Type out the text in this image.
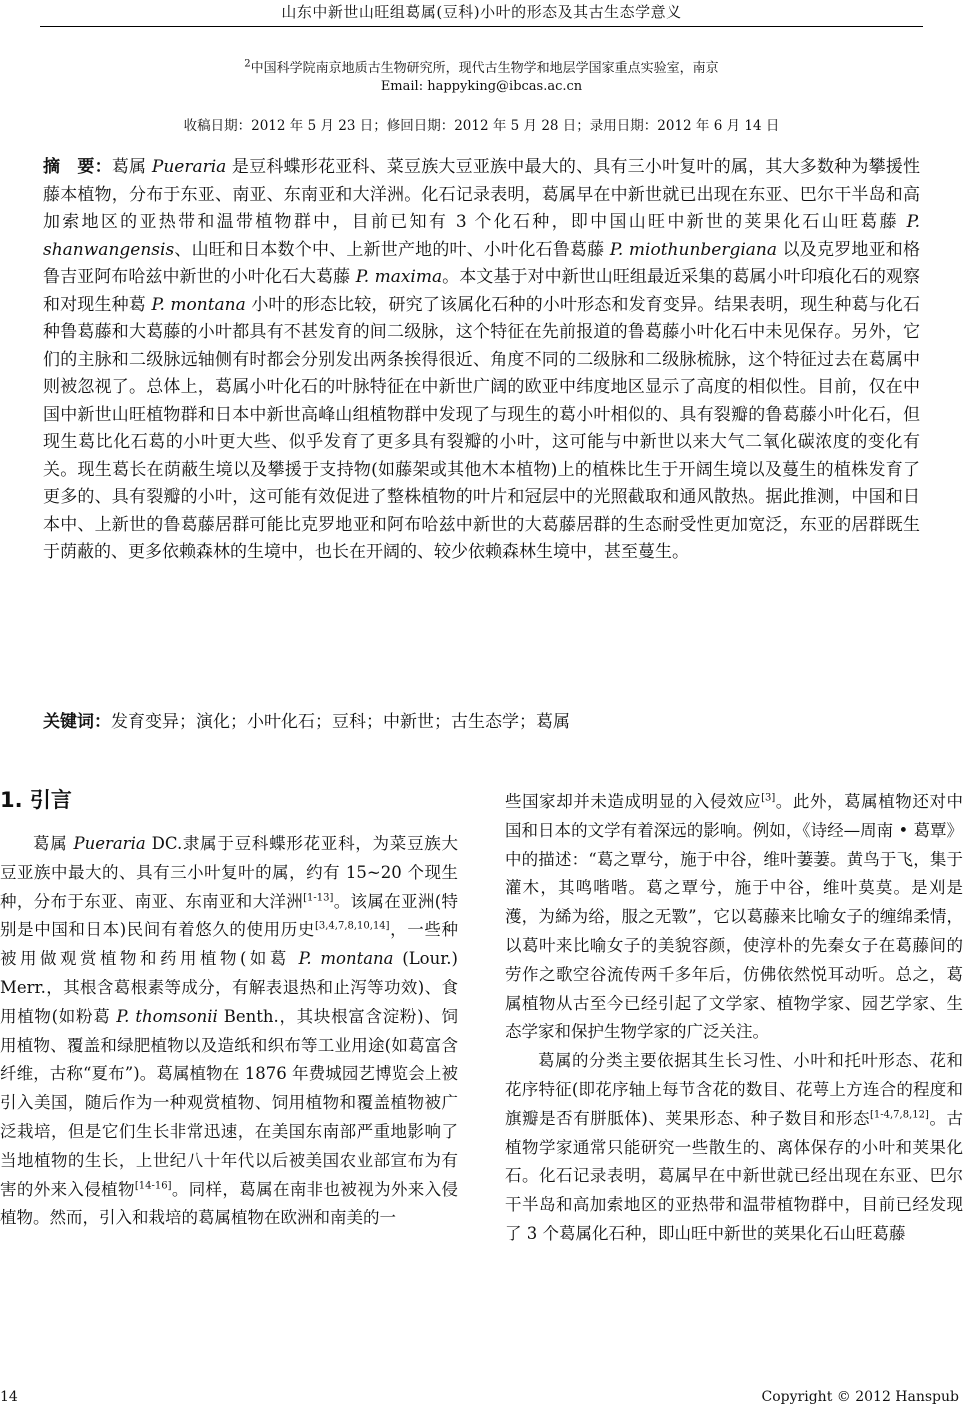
山东中新世山旺组葛属(豆科)小叶的形态及其古生态学意义
$^2$中国科学院南京地质古生物研究所，现代古生物学和地层学国家重点实验室，南京
Email: happyking@ibcas.ac.cn
收稿日期：2012 年 5 月 23 日；修回日期：2012 年 5 月 28 日；录用日期：2012 年 6 月 14 日
摘　要：葛属 Pueraria 是豆科蝶形花亚科、菜豆族大豆亚族中最大的、具有三小叶复叶的属，其大多数种为攀援性藤本植物，分布于东亚、南亚、东南亚和大洋洲。化石记录表明，葛属早在中新世就已出现在东亚、巴尔干半岛和高加索地区的亚热带和温带植物群中，目前已知有 3 个化石种，即中国山旺中新世的荚果化石山旺葛藤 P. shanwangensis、山旺和日本数个中、上新世产地的叶、小叶化石鲁葛藤 P. miothunbergiana 以及克罗地亚和格鲁吉亚阿布哈兹中新世的小叶化石大葛藤 P. maxima。本文基于对中新世山旺组最近采集的葛属小叶印痕化石的观察和对现生种葛 P. montana 小叶的形态比较，研究了该属化石种的小叶形态和发育变异。结果表明，现生种葛与化石种鲁葛藤和大葛藤的小叶都具有不甚发育的间二级脉，这个特征在先前报道的鲁葛藤小叶化石中未见保存。另外，它们的主脉和二级脉远轴侧有时都会分别发出两条挨得很近、角度不同的二级脉和二级脉梳脉，这个特征过去在葛属中则被忽视了。总体上，葛属小叶化石的叶脉特征在中新世广阔的欧亚中纬度地区显示了高度的相似性。目前，仅在中国中新世山旺植物群和日本中新世高峰山组植物群中发现了与现生的葛小叶相似的、具有裂瓣的鲁葛藤小叶化石，但现生葛比化石葛的小叶更大些、似乎发育了更多具有裂瓣的小叶，这可能与中新世以来大气二氧化碳浓度的变化有关。现生葛长在荫蔽生境以及攀援于支持物(如藤架或其他木本植物)上的植株比生于开阔生境以及蔓生的植株发育了更多的、具有裂瓣的小叶，这可能有效促进了整株植物的叶片和冠层中的光照截取和通风散热。据此推测，中国和日本中、上新世的鲁葛藤居群可能比克罗地亚和阿布哈兹中新世的大葛藤居群的生态耐受性更加宽泛，东亚的居群既生于荫蔽的、更多依赖森林的生境中，也长在开阔的、较少依赖森林生境中，甚至蔓生。
关键词：发育变异；演化；小叶化石；豆科；中新世；古生态学；葛属
1. 引言

葛属 Pueraria DC.隶属于豆科蝶形花亚科，为菜豆族大豆亚族中最大的、具有三小叶复叶的属，约有 15~20 个现生种，分布于东亚、南亚、东南亚和大洋洲[1-13]。该属在亚洲(特别是中国和日本)民间有着悠久的使用历史[3,4,7,8,10,14]，一些种被用做观赏植物和药用植物(如葛 P. montana (Lour.) Merr.，其根含葛根素等成分，有解表退热和止泻等功效)、食用植物(如粉葛 P. thomsonii Benth.，其块根富含淀粉)、饲用植物、覆盖和绿肥植物以及造纸和织布等工业用途(如葛富含纤维，古称“夏布”)。葛属植物在 1876 年费城园艺博览会上被引入美国，随后作为一种观赏植物、饲用植物和覆盖植物被广泛栽培，但是它们生长非常迅速，在美国东南部严重地影响了当地植物的生长，上世纪八十年代以后被美国农业部宣布为有害的外来入侵植物[14-16]。同样，葛属在南非也被视为外来入侵植物。然而，引入和栽培的葛属植物在欧洲和南美的一

些国家却并未造成明显的入侵效应[3]。此外，葛属植物还对中国和日本的文学有着深远的影响。例如，《诗经—周南 • 葛覃》中的描述：“葛之覃兮，施于中谷，维叶萋萋。黄鸟于飞，集于灌木，其鸣喈喈。葛之覃兮，施于中谷，维叶莫莫。是刈是濩，为絺为绤，服之无斁”，它以葛藤来比喻女子的缠绵柔情，以葛叶来比喻女子的美貌容颜，使淳朴的先秦女子在葛藤间的劳作之歌空谷流传两千多年后，仿佛依然悦耳动听。总之，葛属植物从古至今已经引起了文学家、植物学家、园艺学家、生态学家和保护生物学家的广泛关注。

葛属的分类主要依据其生长习性、小叶和托叶形态、花和花序特征(即花序轴上每节含花的数目、花萼上方连合的程度和旗瓣是否有胼胝体)、荚果形态、种子数目和形态[1-4,7,8,12]。古植物学家通常只能研究一些散生的、离体保存的小叶和荚果化石。化石记录表明，葛属早在中新世就已经出现在东亚、巴尔干半岛和高加索地区的亚热带和温带植物群中，目前已经发现了 3 个葛属化石种，即山旺中新世的荚果化石山旺葛藤

14	Copyright © 2012 Hanspub
